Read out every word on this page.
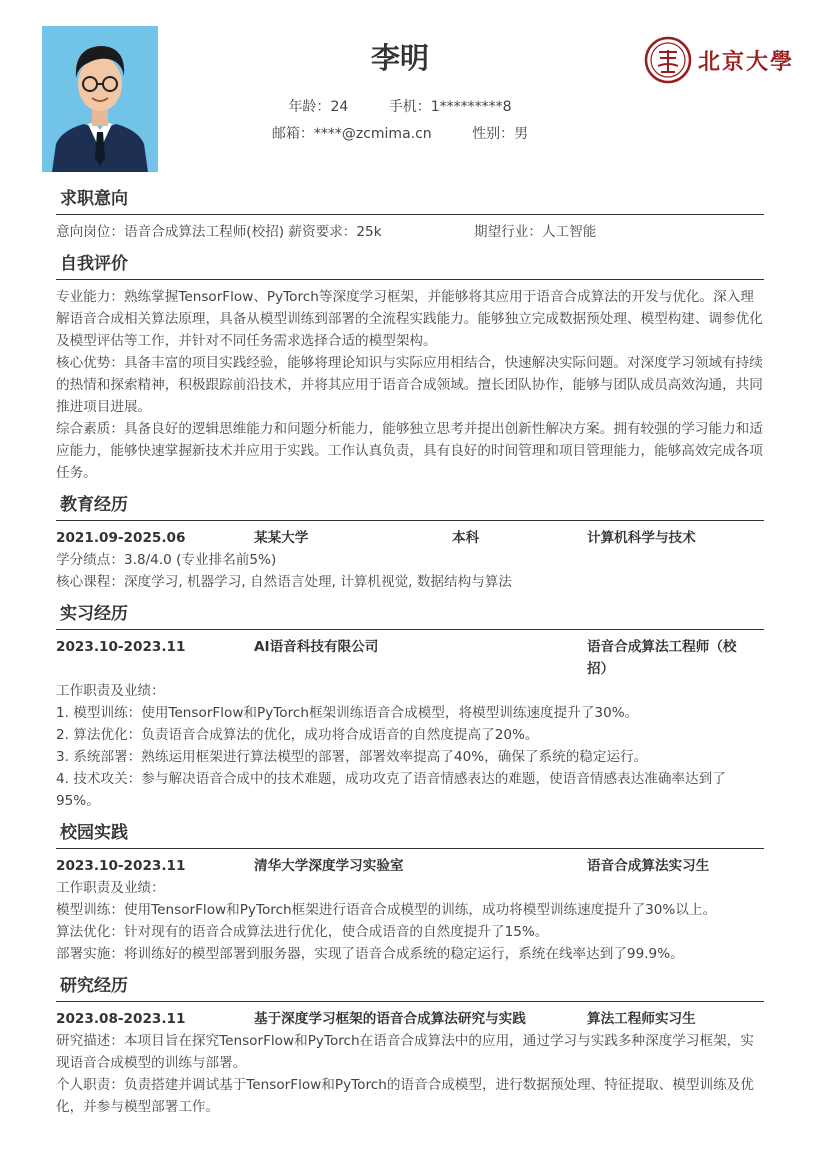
李明
年龄：24	手机：1*********8
邮箱：****@zcmima.cn	性别：男
北京大學
求职意向
意向岗位：语音合成算法工程师(校招) 薪资要求：25k	期望行业：人工智能
自我评价
专业能力：熟练掌握TensorFlow、PyTorch等深度学习框架，并能够将其应用于语音合成算法的开发与优化。深入理解语音合成相关算法原理，具备从模型训练到部署的全流程实践能力。能够独立完成数据预处理、模型构建、调参优化及模型评估等工作，并针对不同任务需求选择合适的模型架构。
核心优势：具备丰富的项目实践经验，能够将理论知识与实际应用相结合，快速解决实际问题。对深度学习领域有持续的热情和探索精神，积极跟踪前沿技术，并将其应用于语音合成领域。擅长团队协作，能够与团队成员高效沟通，共同推进项目进展。
综合素质：具备良好的逻辑思维能力和问题分析能力，能够独立思考并提出创新性解决方案。拥有较强的学习能力和适应能力，能够快速掌握新技术并应用于实践。工作认真负责，具有良好的时间管理和项目管理能力，能够高效完成各项任务。
教育经历
2021.09-2025.06	某某大学	本科	计算机科学与技术
学分绩点：3.8/4.0 (专业排名前5%)
核心课程：深度学习, 机器学习, 自然语言处理, 计算机视觉, 数据结构与算法
实习经历
2023.10-2023.11	AI语音科技有限公司	语音合成算法工程师（校招）
工作职责及业绩：
1. 模型训练：使用TensorFlow和PyTorch框架训练语音合成模型，将模型训练速度提升了30%。
2. 算法优化：负责语音合成算法的优化，成功将合成语音的自然度提高了20%。
3. 系统部署：熟练运用框架进行算法模型的部署，部署效率提高了40%，确保了系统的稳定运行。
4. 技术攻关：参与解决语音合成中的技术难题，成功攻克了语音情感表达的难题，使语音情感表达准确率达到了95%。
校园实践
2023.10-2023.11	清华大学深度学习实验室	语音合成算法实习生
工作职责及业绩：
模型训练：使用TensorFlow和PyTorch框架进行语音合成模型的训练，成功将模型训练速度提升了30%以上。
算法优化：针对现有的语音合成算法进行优化，使合成语音的自然度提升了15%。
部署实施：将训练好的模型部署到服务器，实现了语音合成系统的稳定运行，系统在线率达到了99.9%。
研究经历
2023.08-2023.11	基于深度学习框架的语音合成算法研究与实践	算法工程师实习生
研究描述：本项目旨在探究TensorFlow和PyTorch在语音合成算法中的应用，通过学习与实践多种深度学习框架，实现语音合成模型的训练与部署。
个人职责：负责搭建并调试基于TensorFlow和PyTorch的语音合成模型，进行数据预处理、特征提取、模型训练及优化，并参与模型部署工作。
